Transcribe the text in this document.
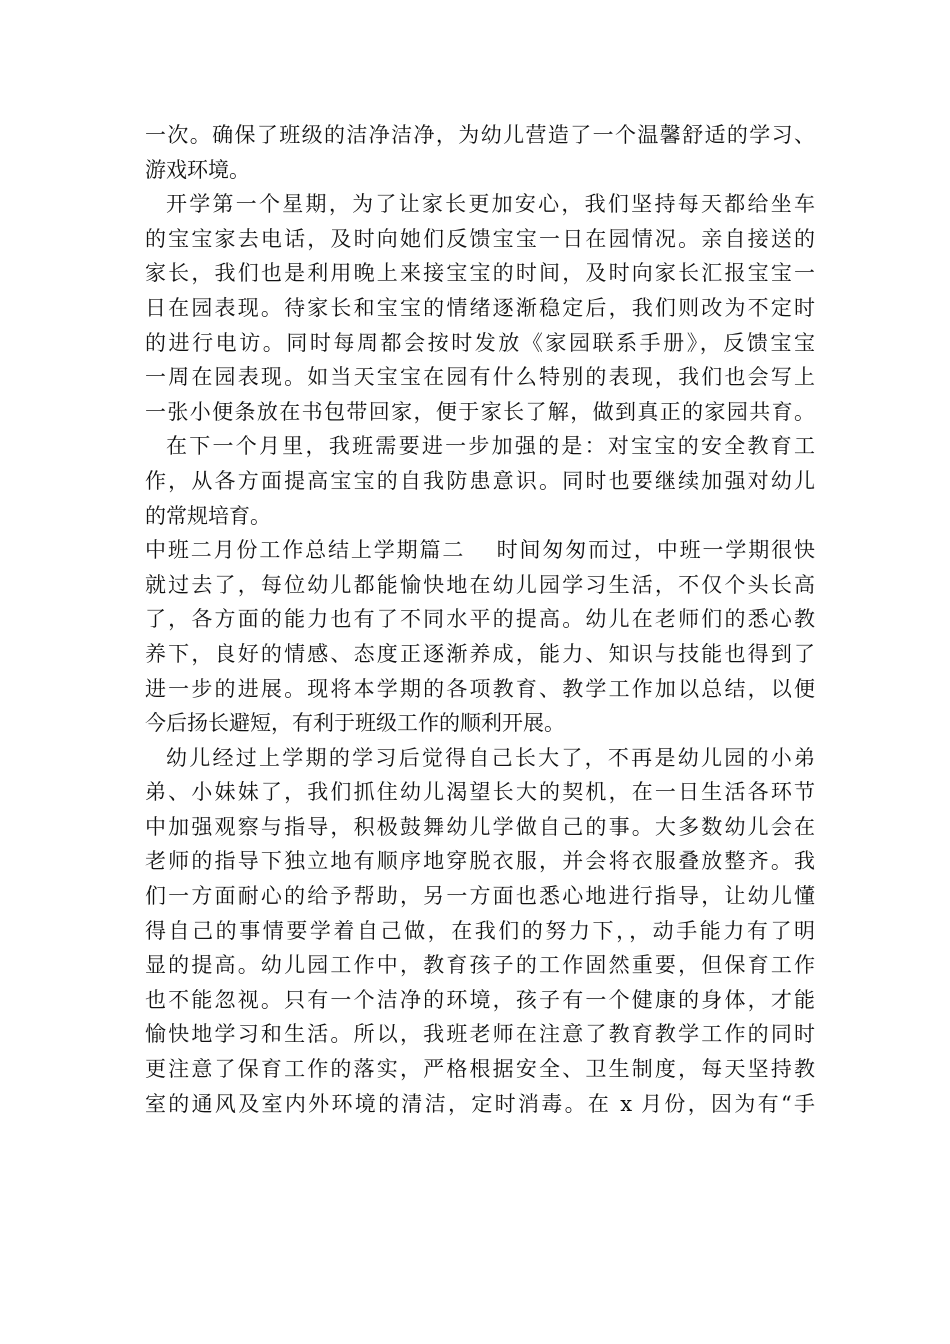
一次。确保了班级的洁净洁净，为幼儿营造了一个温馨舒适的学习、
游戏环境。
开学第一个星期，为了让家长更加安心，我们坚持每天都给坐车
的宝宝家去电话，及时向她们反馈宝宝一日在园情况。亲自接送的
家长，我们也是利用晚上来接宝宝的时间，及时向家长汇报宝宝一
日在园表现。待家长和宝宝的情绪逐渐稳定后，我们则改为不定时
的进行电访。同时每周都会按时发放《家园联系手册》，反馈宝宝
一周在园表现。如当天宝宝在园有什么特别的表现，我们也会写上
一张小便条放在书包带回家，便于家长了解，做到真正的家园共育。
在下一个月里，我班需要进一步加强的是：对宝宝的安全教育工
作，从各方面提高宝宝的自我防患意识。同时也要继续加强对幼儿
的常规培育。
中班二月份工作总结上学期篇二　 时间匆匆而过，中班一学期很快
就过去了，每位幼儿都能愉快地在幼儿园学习生活，不仅个头长高
了，各方面的能力也有了不同水平的提高。幼儿在老师们的悉心教
养下，良好的情感、态度正逐渐养成，能力、知识与技能也得到了
进一步的进展。现将本学期的各项教育、教学工作加以总结，以便
今后扬长避短，有利于班级工作的顺利开展。
幼儿经过上学期的学习后觉得自己长大了，不再是幼儿园的小弟
弟、小妹妹了，我们抓住幼儿渴望长大的契机，在一日生活各环节
中加强观察与指导，积极鼓舞幼儿学做自己的事。大多数幼儿会在
老师的指导下独立地有顺序地穿脱衣服，并会将衣服叠放整齐。我
们一方面耐心的给予帮助，另一方面也悉心地进行指导，让幼儿懂
得自己的事情要学着自己做，在我们的努力下，，动手能力有了明
显的提高。幼儿园工作中，教育孩子的工作固然重要，但保育工作
也不能忽视。只有一个洁净的环境，孩子有一个健康的身体，才能
愉快地学习和生活。所以，我班老师在注意了教育教学工作的同时
更注意了保育工作的落实，严格根据安全、卫生制度，每天坚持教
室的通风及室内外环境的清洁，定时消毒。在 x 月份，因为有“手
